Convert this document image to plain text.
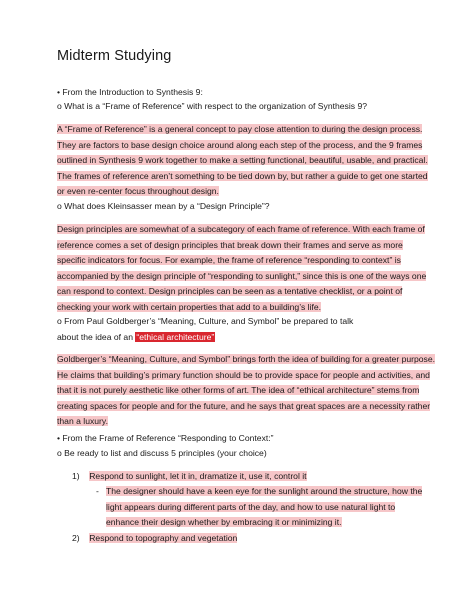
Midterm Studying
• From the Introduction to Synthesis 9:
o What is a “Frame of Reference” with respect to the organization of Synthesis 9?
A “Frame of Reference” is a general concept to pay close attention to during the design process.
They are factors to base design choice around along each step of the process, and the 9 frames
outlined in Synthesis 9 work together to make a setting functional, beautiful, usable, and practical.
The frames of reference aren’t something to be tied down by, but rather a guide to get one started
or even re-center focus throughout design.
o What does Kleinsasser mean by a “Design Principle”?
Design principles are somewhat of a subcategory of each frame of reference. With each frame of
reference comes a set of design principles that break down their frames and serve as more
specific indicators for focus. For example, the frame of reference “responding to context” is
accompanied by the design principle of “responding to sunlight,” since this is one of the ways one
can respond to context. Design principles can be seen as a tentative checklist, or a point of
checking your work with certain properties that add to a building’s life.
o From Paul Goldberger’s “Meaning, Culture, and Symbol” be prepared to talk
about the idea of an “ethical architecture”
Goldberger’s “Meaning, Culture, and Symbol” brings forth the idea of building for a greater purpose.
He claims that building’s primary function should be to provide space for people and activities, and
that it is not purely aesthetic like other forms of art. The idea of “ethical architecture” stems from
creating spaces for people and for the future, and he says that great spaces are a necessity rather
than a luxury.
• From the Frame of Reference “Responding to Context:”
o Be ready to list and discuss 5 principles (your choice)
1) Respond to sunlight, let it in, dramatize it, use it, control it
- The designer should have a keen eye for the sunlight around the structure, how the
light appears during different parts of the day, and how to use natural light to
enhance their design whether by embracing it or minimizing it.
2) Respond to topography and vegetation
